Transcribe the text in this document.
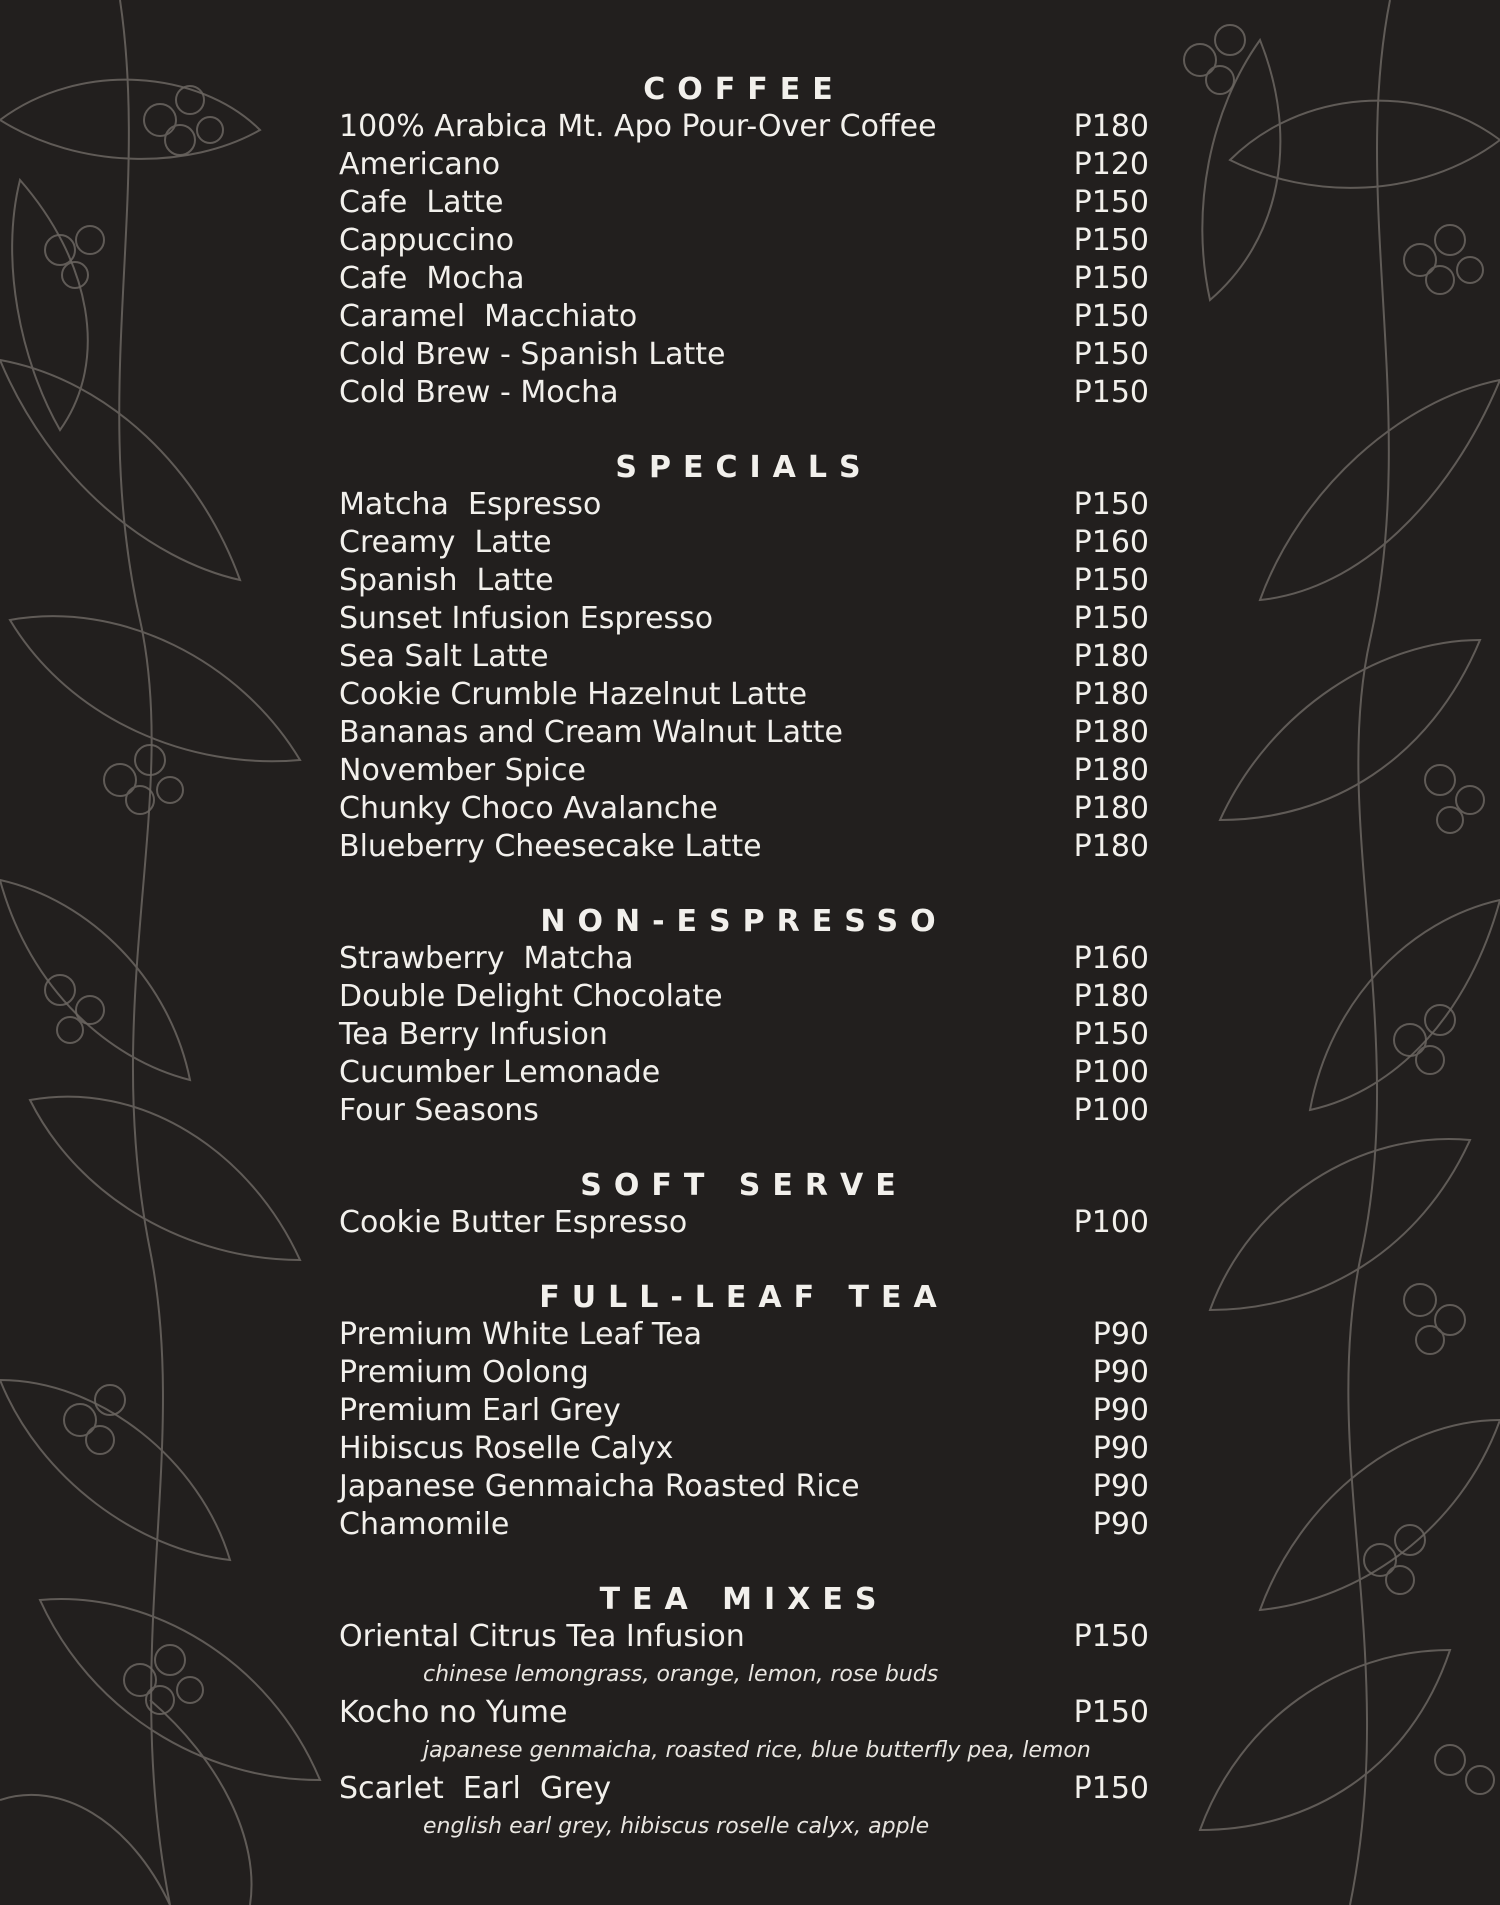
COFFEE
100% Arabica Mt. Apo Pour-Over Coffee	P180
Americano	P120
Cafe  Latte	P150
Cappuccino	P150
Cafe  Mocha	P150
Caramel  Macchiato	P150
Cold Brew - Spanish Latte	P150
Cold Brew - Mocha	P150
SPECIALS
Matcha  Espresso	P150
Creamy  Latte	P160
Spanish  Latte	P150
Sunset Infusion Espresso	P150
Sea Salt Latte	P180
Cookie Crumble Hazelnut Latte	P180
Bananas and Cream Walnut Latte	P180
November Spice	P180
Chunky Choco Avalanche	P180
Blueberry Cheesecake Latte	P180
NON-ESPRESSO
Strawberry  Matcha	P160
Double Delight Chocolate	P180
Tea Berry Infusion	P150
Cucumber Lemonade	P100
Four Seasons	P100
SOFT SERVE
Cookie Butter Espresso	P100
FULL-LEAF TEA
Premium White Leaf Tea	P90
Premium Oolong	P90
Premium Earl Grey	P90
Hibiscus Roselle Calyx	P90
Japanese Genmaicha Roasted Rice	P90
Chamomile	P90
TEA MIXES
Oriental Citrus Tea Infusion	P150
chinese lemongrass, orange, lemon, rose buds
Kocho no Yume	P150
japanese genmaicha, roasted rice, blue butterfly pea, lemon
Scarlet  Earl  Grey	P150
english earl grey, hibiscus roselle calyx, apple
